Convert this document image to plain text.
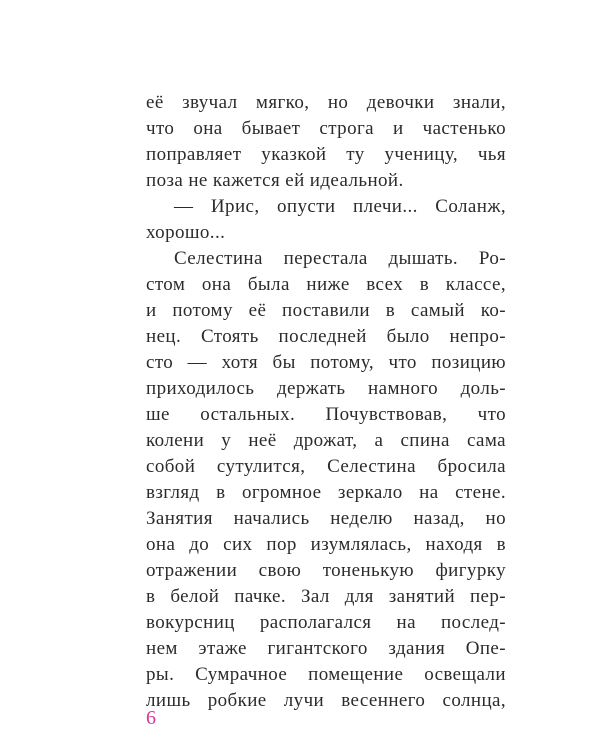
её звучал мягко, но девочки знали,
что она бывает строга и частенько
поправляет указкой ту ученицу, чья
поза не кажется ей идеальной.
— Ирис, опусти плечи... Соланж,
хорошо...
Селестина перестала дышать. Ро-
стом она была ниже всех в классе,
и потому её поставили в самый ко-
нец. Стоять последней было непро-
сто — хотя бы потому, что позицию
приходилось держать намного доль-
ше остальных. Почувствовав, что
колени у неё дрожат, а спина сама
собой сутулится, Селестина бросила
взгляд в огромное зеркало на стене.
Занятия начались неделю назад, но
она до сих пор изумлялась, находя в
отражении свою тоненькую фигурку
в белой пачке. Зал для занятий пер-
вокурсниц располагался на послед-
нем этаже гигантского здания Опе-
ры. Сумрачное помещение освещали
лишь робкие лучи весеннего солнца,
6
